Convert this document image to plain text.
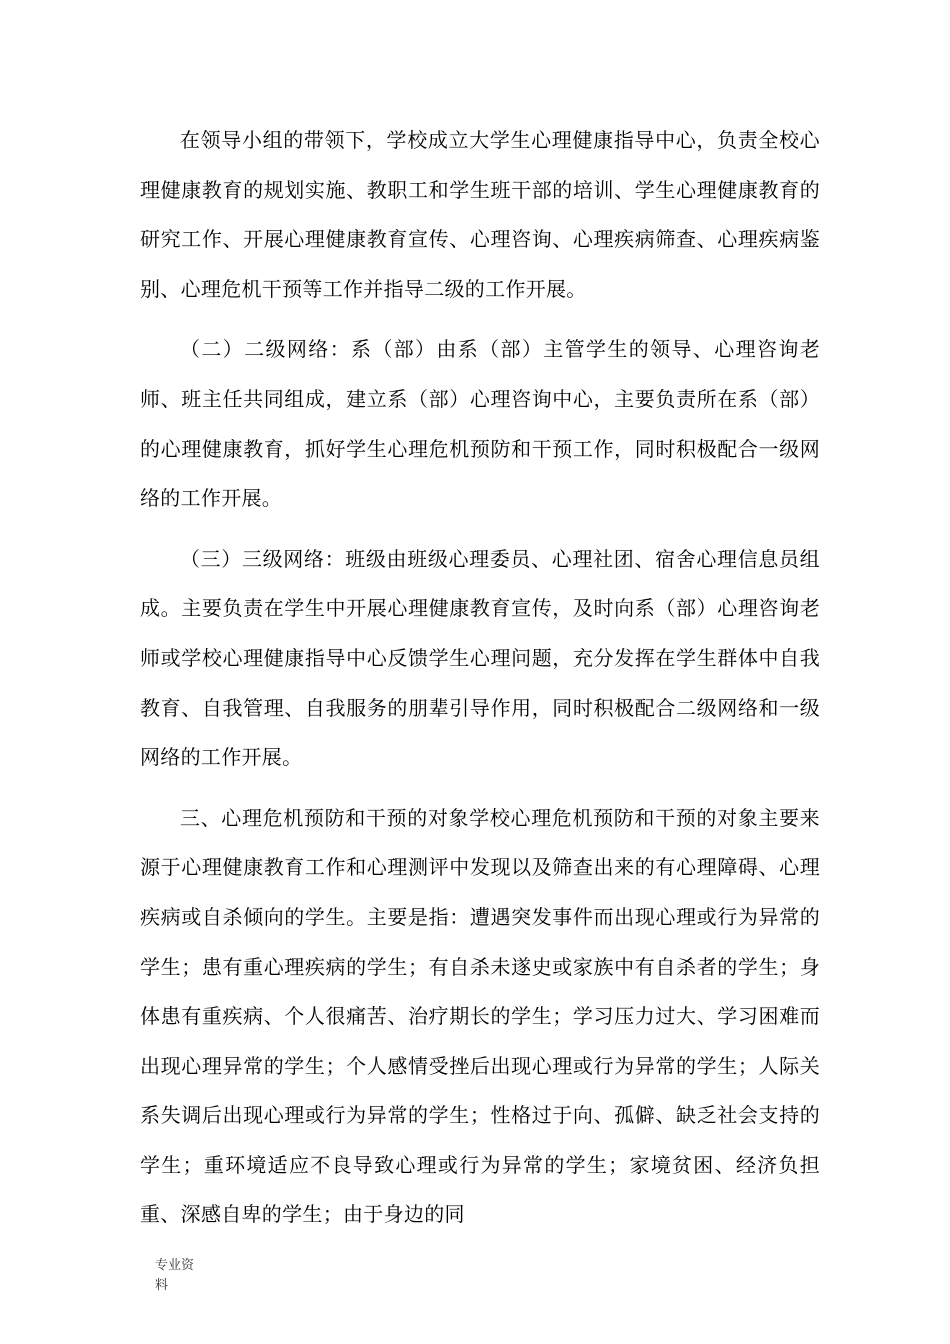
在领导小组的带领下，学校成立大学生心理健康指导中心，负责全校心理健康教育的规划实施、教职工和学生班干部的培训、学生心理健康教育的研究工作、开展心理健康教育宣传、心理咨询、心理疾病筛查、心理疾病鉴别、心理危机干预等工作并指导二级的工作开展。

（二）二级网络：系（部）由系（部）主管学生的领导、心理咨询老师、班主任共同组成，建立系（部）心理咨询中心，主要负责所在系（部）的心理健康教育，抓好学生心理危机预防和干预工作，同时积极配合一级网络的工作开展。

（三）三级网络：班级由班级心理委员、心理社团、宿舍心理信息员组成。主要负责在学生中开展心理健康教育宣传，及时向系（部）心理咨询老师或学校心理健康指导中心反馈学生心理问题，充分发挥在学生群体中自我教育、自我管理、自我服务的朋辈引导作用，同时积极配合二级网络和一级网络的工作开展。

三、心理危机预防和干预的对象学校心理危机预防和干预的对象主要来源于心理健康教育工作和心理测评中发现以及筛查出来的有心理障碍、心理疾病或自杀倾向的学生。主要是指：遭遇突发事件而出现心理或行为异常的学生；患有重心理疾病的学生；有自杀未遂史或家族中有自杀者的学生；身体患有重疾病、个人很痛苦、治疗期长的学生；学习压力过大、学习困难而出现心理异常的学生；个人感情受挫后出现心理或行为异常的学生；人际关系失调后出现心理或行为异常的学生；性格过于向、孤僻、缺乏社会支持的学生；重环境适应不良导致心理或行为异常的学生；家境贫困、经济负担重、深感自卑的学生；由于身边的同

专业资料
